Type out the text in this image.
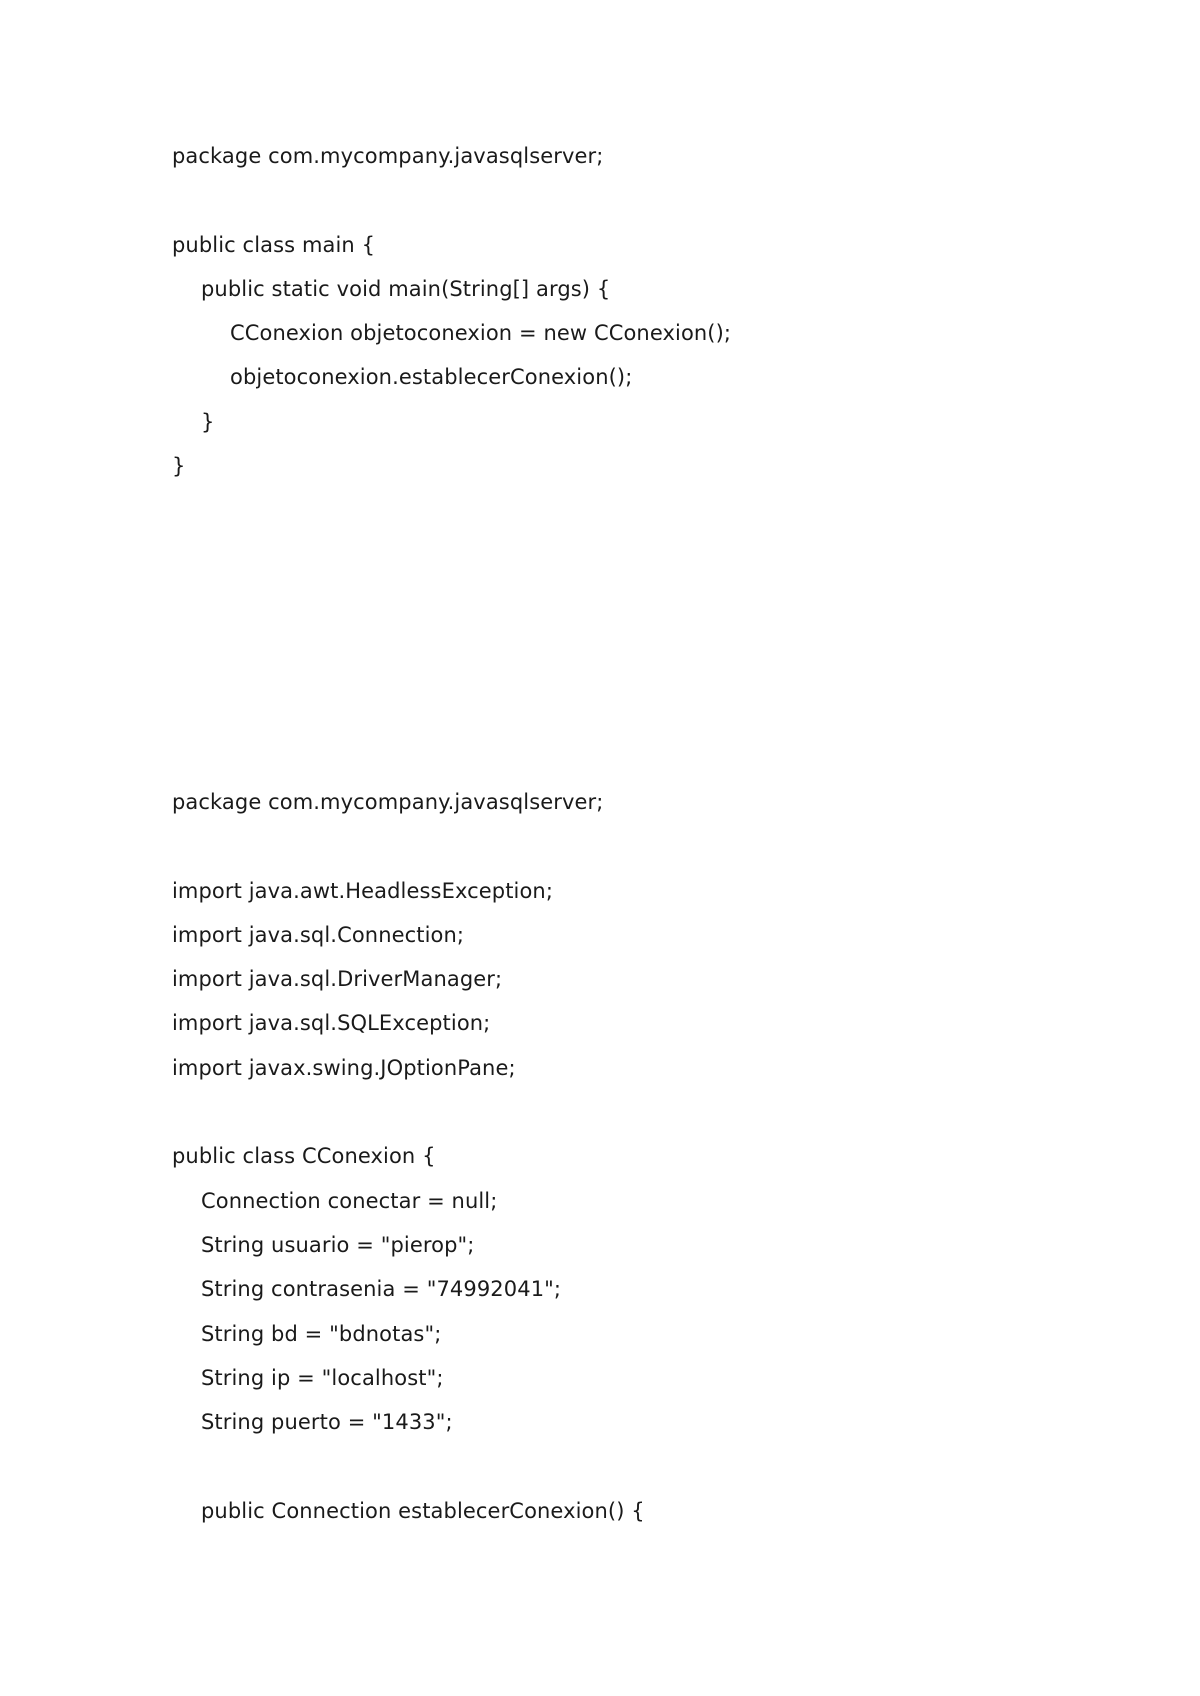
package com.mycompany.javasqlserver;
public class main {
public static void main(String[] args) {
CConexion objetoconexion = new CConexion();
objetoconexion.establecerConexion();
}
}
package com.mycompany.javasqlserver;
import java.awt.HeadlessException;
import java.sql.Connection;
import java.sql.DriverManager;
import java.sql.SQLException;
import javax.swing.JOptionPane;
public class CConexion {
Connection conectar = null;
String usuario = "pierop";
String contrasenia = "74992041";
String bd = "bdnotas";
String ip = "localhost";
String puerto = "1433";
public Connection establecerConexion() {
